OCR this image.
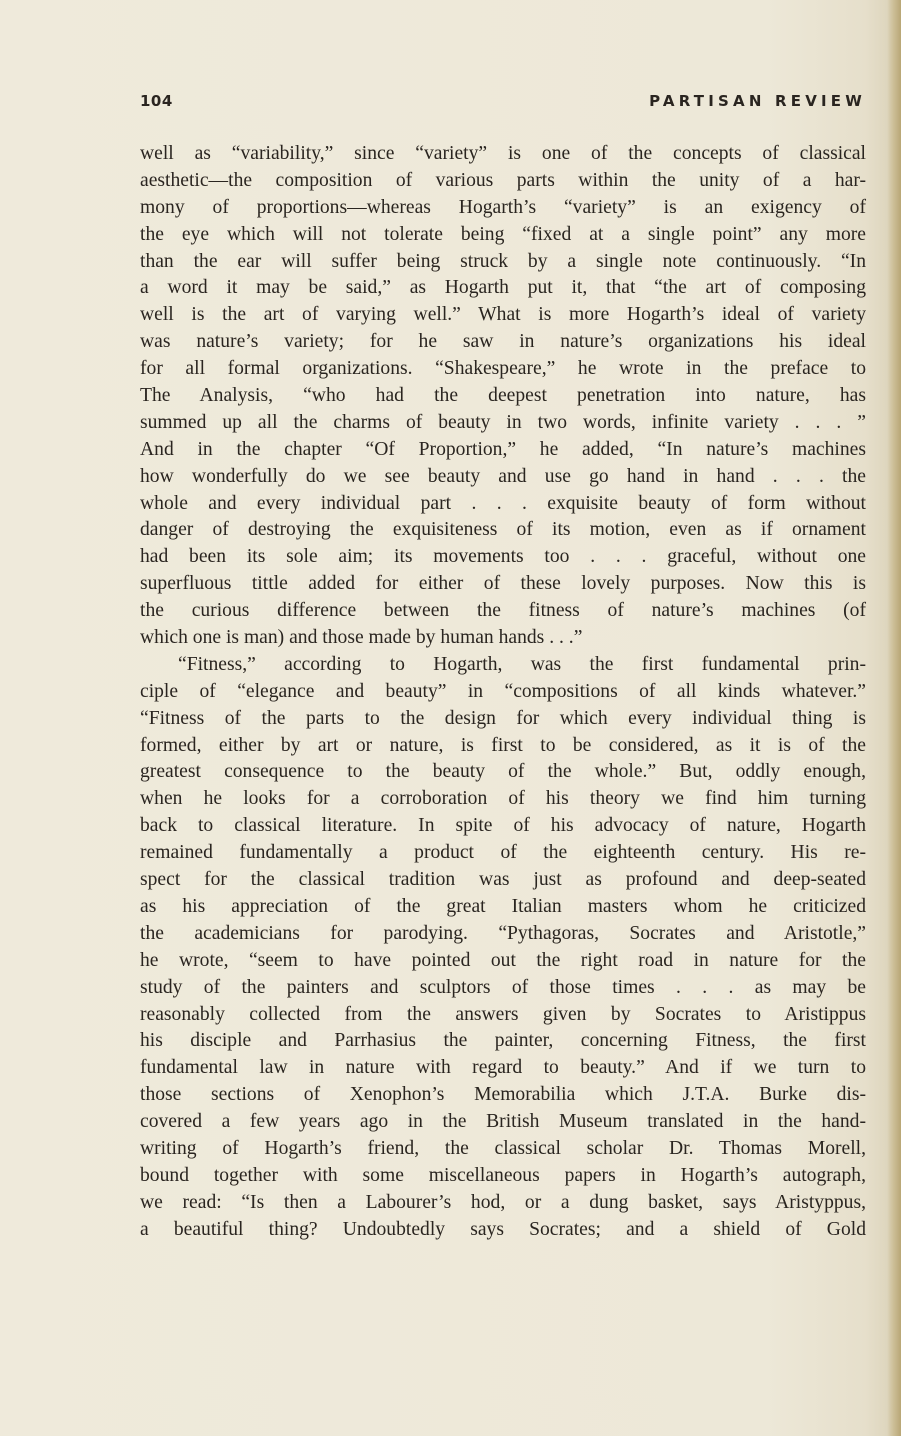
104	PARTISAN REVIEW
well as “variability,” since “variety” is one of the concepts of classical
aesthetic—the composition of various parts within the unity of a har-
mony of proportions—whereas Hogarth’s “variety” is an exigency of
the eye which will not tolerate being “fixed at a single point” any more
than the ear will suffer being struck by a single note continuously. “In
a word it may be said,” as Hogarth put it, that “the art of composing
well is the art of varying well.” What is more Hogarth’s ideal of variety
was nature’s variety; for he saw in nature’s organizations his ideal
for all formal organizations. “Shakespeare,” he wrote in the preface to
The Analysis, “who had the deepest penetration into nature, has
summed up all the charms of beauty in two words, infinite variety . . . ”
And in the chapter “Of Proportion,” he added, “In nature’s machines
how wonderfully do we see beauty and use go hand in hand . . . the
whole and every individual part . . . exquisite beauty of form without
danger of destroying the exquisiteness of its motion, even as if ornament
had been its sole aim; its movements too . . . graceful, without one
superfluous tittle added for either of these lovely purposes. Now this is
the curious difference between the fitness of nature’s machines (of
which one is man) and those made by human hands . . .”
“Fitness,” according to Hogarth, was the first fundamental prin-
ciple of “elegance and beauty” in “compositions of all kinds whatever.”
“Fitness of the parts to the design for which every individual thing is
formed, either by art or nature, is first to be considered, as it is of the
greatest consequence to the beauty of the whole.” But, oddly enough,
when he looks for a corroboration of his theory we find him turning
back to classical literature. In spite of his advocacy of nature, Hogarth
remained fundamentally a product of the eighteenth century. His re-
spect for the classical tradition was just as profound and deep-seated
as his appreciation of the great Italian masters whom he criticized
the academicians for parodying. “Pythagoras, Socrates and Aristotle,”
he wrote, “seem to have pointed out the right road in nature for the
study of the painters and sculptors of those times . . . as may be
reasonably collected from the answers given by Socrates to Aristippus
his disciple and Parrhasius the painter, concerning Fitness, the first
fundamental law in nature with regard to beauty.” And if we turn to
those sections of Xenophon’s Memorabilia which J.T.A. Burke dis-
covered a few years ago in the British Museum translated in the hand-
writing of Hogarth’s friend, the classical scholar Dr. Thomas Morell,
bound together with some miscellaneous papers in Hogarth’s autograph,
we read: “Is then a Labourer’s hod, or a dung basket, says Aristyppus,
a beautiful thing? Undoubtedly says Socrates; and a shield of Gold
